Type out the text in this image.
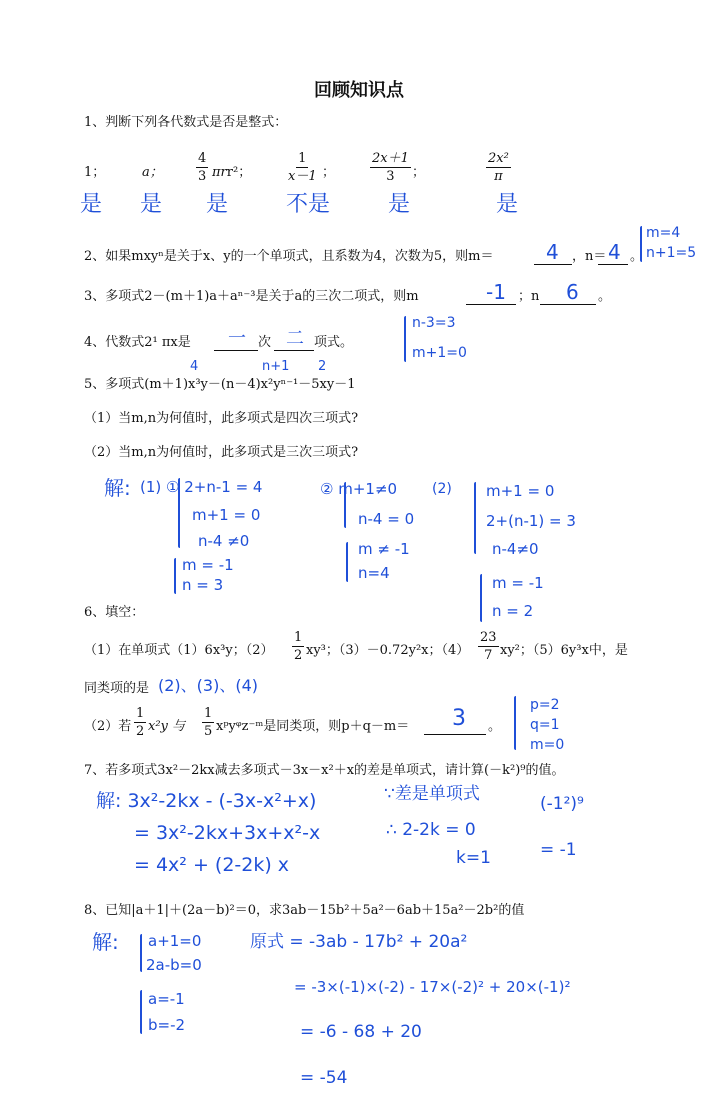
回顾知识点
1、判断下列各代数式是否是整式：
1；	a；	$\frac{4}{3} \pi rr^2$；	$\frac{1}{x-1}$ ；	$\frac{2x+1}{3}$ ；	$\frac{\text{2x²}}{\pi}$
是 是 是	不是	是	是
2、如果mxyⁿ是关于x、y的一个单项式，且系数为4，次数为5，则m＝	4 ，n＝ 4 。
m=4
n+1=5
3、多项式2－(m＋1)a＋aⁿ⁻³是关于a的三次二项式，则m	-1 ；n 6 。
n-3=3
m+1=0
4、代数式2¹ πx是 一 次 二 项式。
4	n+1 2
5、多项式(m＋1)x³y－(n－4)x²yⁿ⁻¹－5xy－1
（1）当m,n为何值时，此多项式是四次三项式?
（2）当m,n为何值时，此多项式是三次三项式?
解: (1) ① 2+n-1 = 4
m+1 = 0
n-4 ≠0
m = -1
n = 3
② m+1≠0
n-4 = 0
m ≠ -1
n=4
(2) m+1 = 0
2+(n-1) = 3
n-4≠0
m = -1
n = 2
6、填空：
（1）在单项式（1）6x³y；$(2) \frac{1}{2} xy^3$；（3）－0.72y²x；$(4) \frac{23}{7} xy^2$；（5）6y³x中，是
同类项的是 (2)、(3)、(4)
（2）若 $\frac{1}{2} x^2y$ 与 $\frac{1}{5}$ xᵖyᵠz⁻ᵐ是同类项，则p＋q－m＝ 3 。
p=2
q=1
m=0
7、若多项式3x²－2kx减去多项式－3x－x²＋x的差是单项式，请计算(－k²)⁹的值。
解: 3x²-2kx - (-3x-x²+x)
= 3x²-2kx+3x+x²-x
= 4x² + (2-2k) x
∵差是单项式
∴ 2-2k = 0
k=1
(-1²)⁹
= -1
8、已知|a＋1|＋(2a－b)²＝0，求3ab－15b²＋5a²－6ab＋15a²－2b²的值
解: a+1=0
2a-b=0
a=-1
b=-2
原式 = -3ab - 17b² + 20a²
= -3×(-1)×(-2) - 17×(-2)² + 20×(-1)²
= -6 - 68 + 20
= -54
